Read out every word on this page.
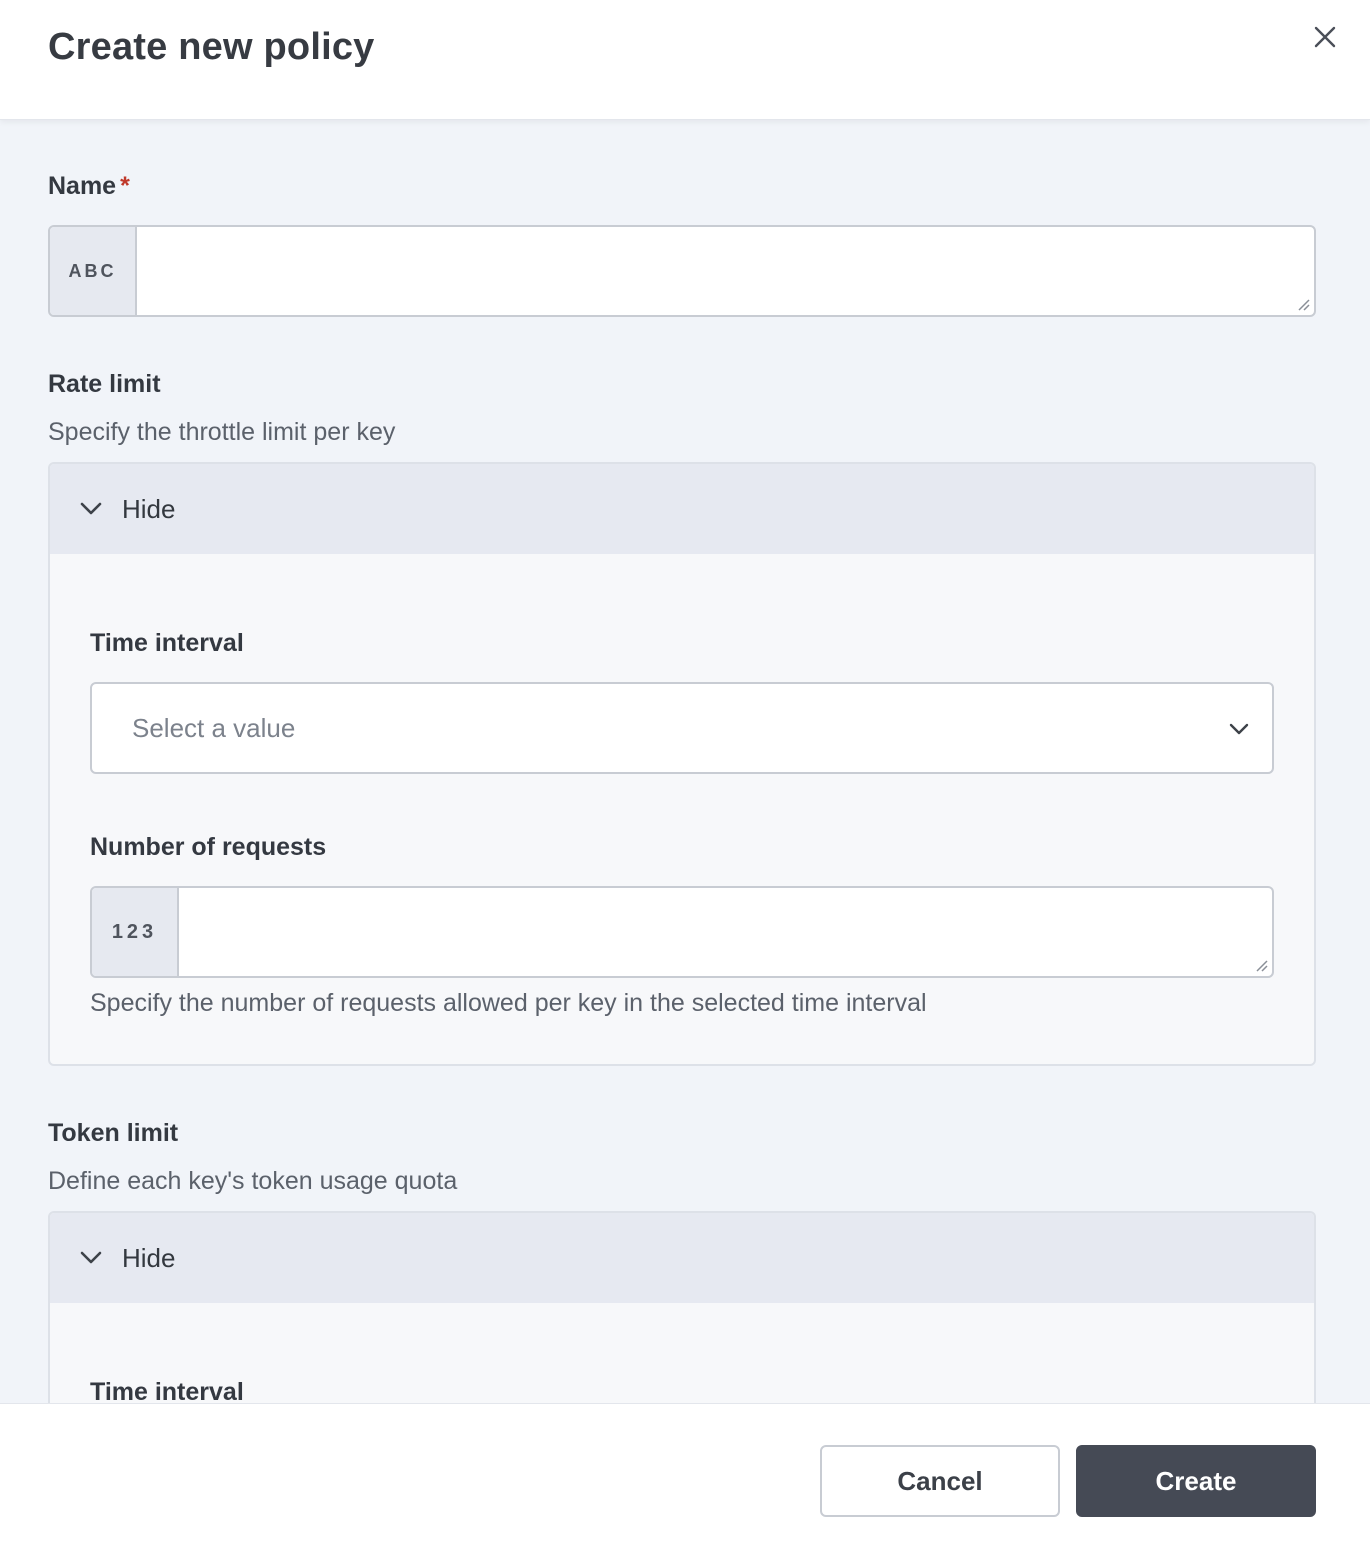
Create new policy
Name *
ABC
Rate limit
Specify the throttle limit per key
Hide
Time interval
Select a value
Number of requests
123
Specify the number of requests allowed per key in the selected time interval
Token limit
Define each key's token usage quota
Hide
Time interval
Cancel	Create
